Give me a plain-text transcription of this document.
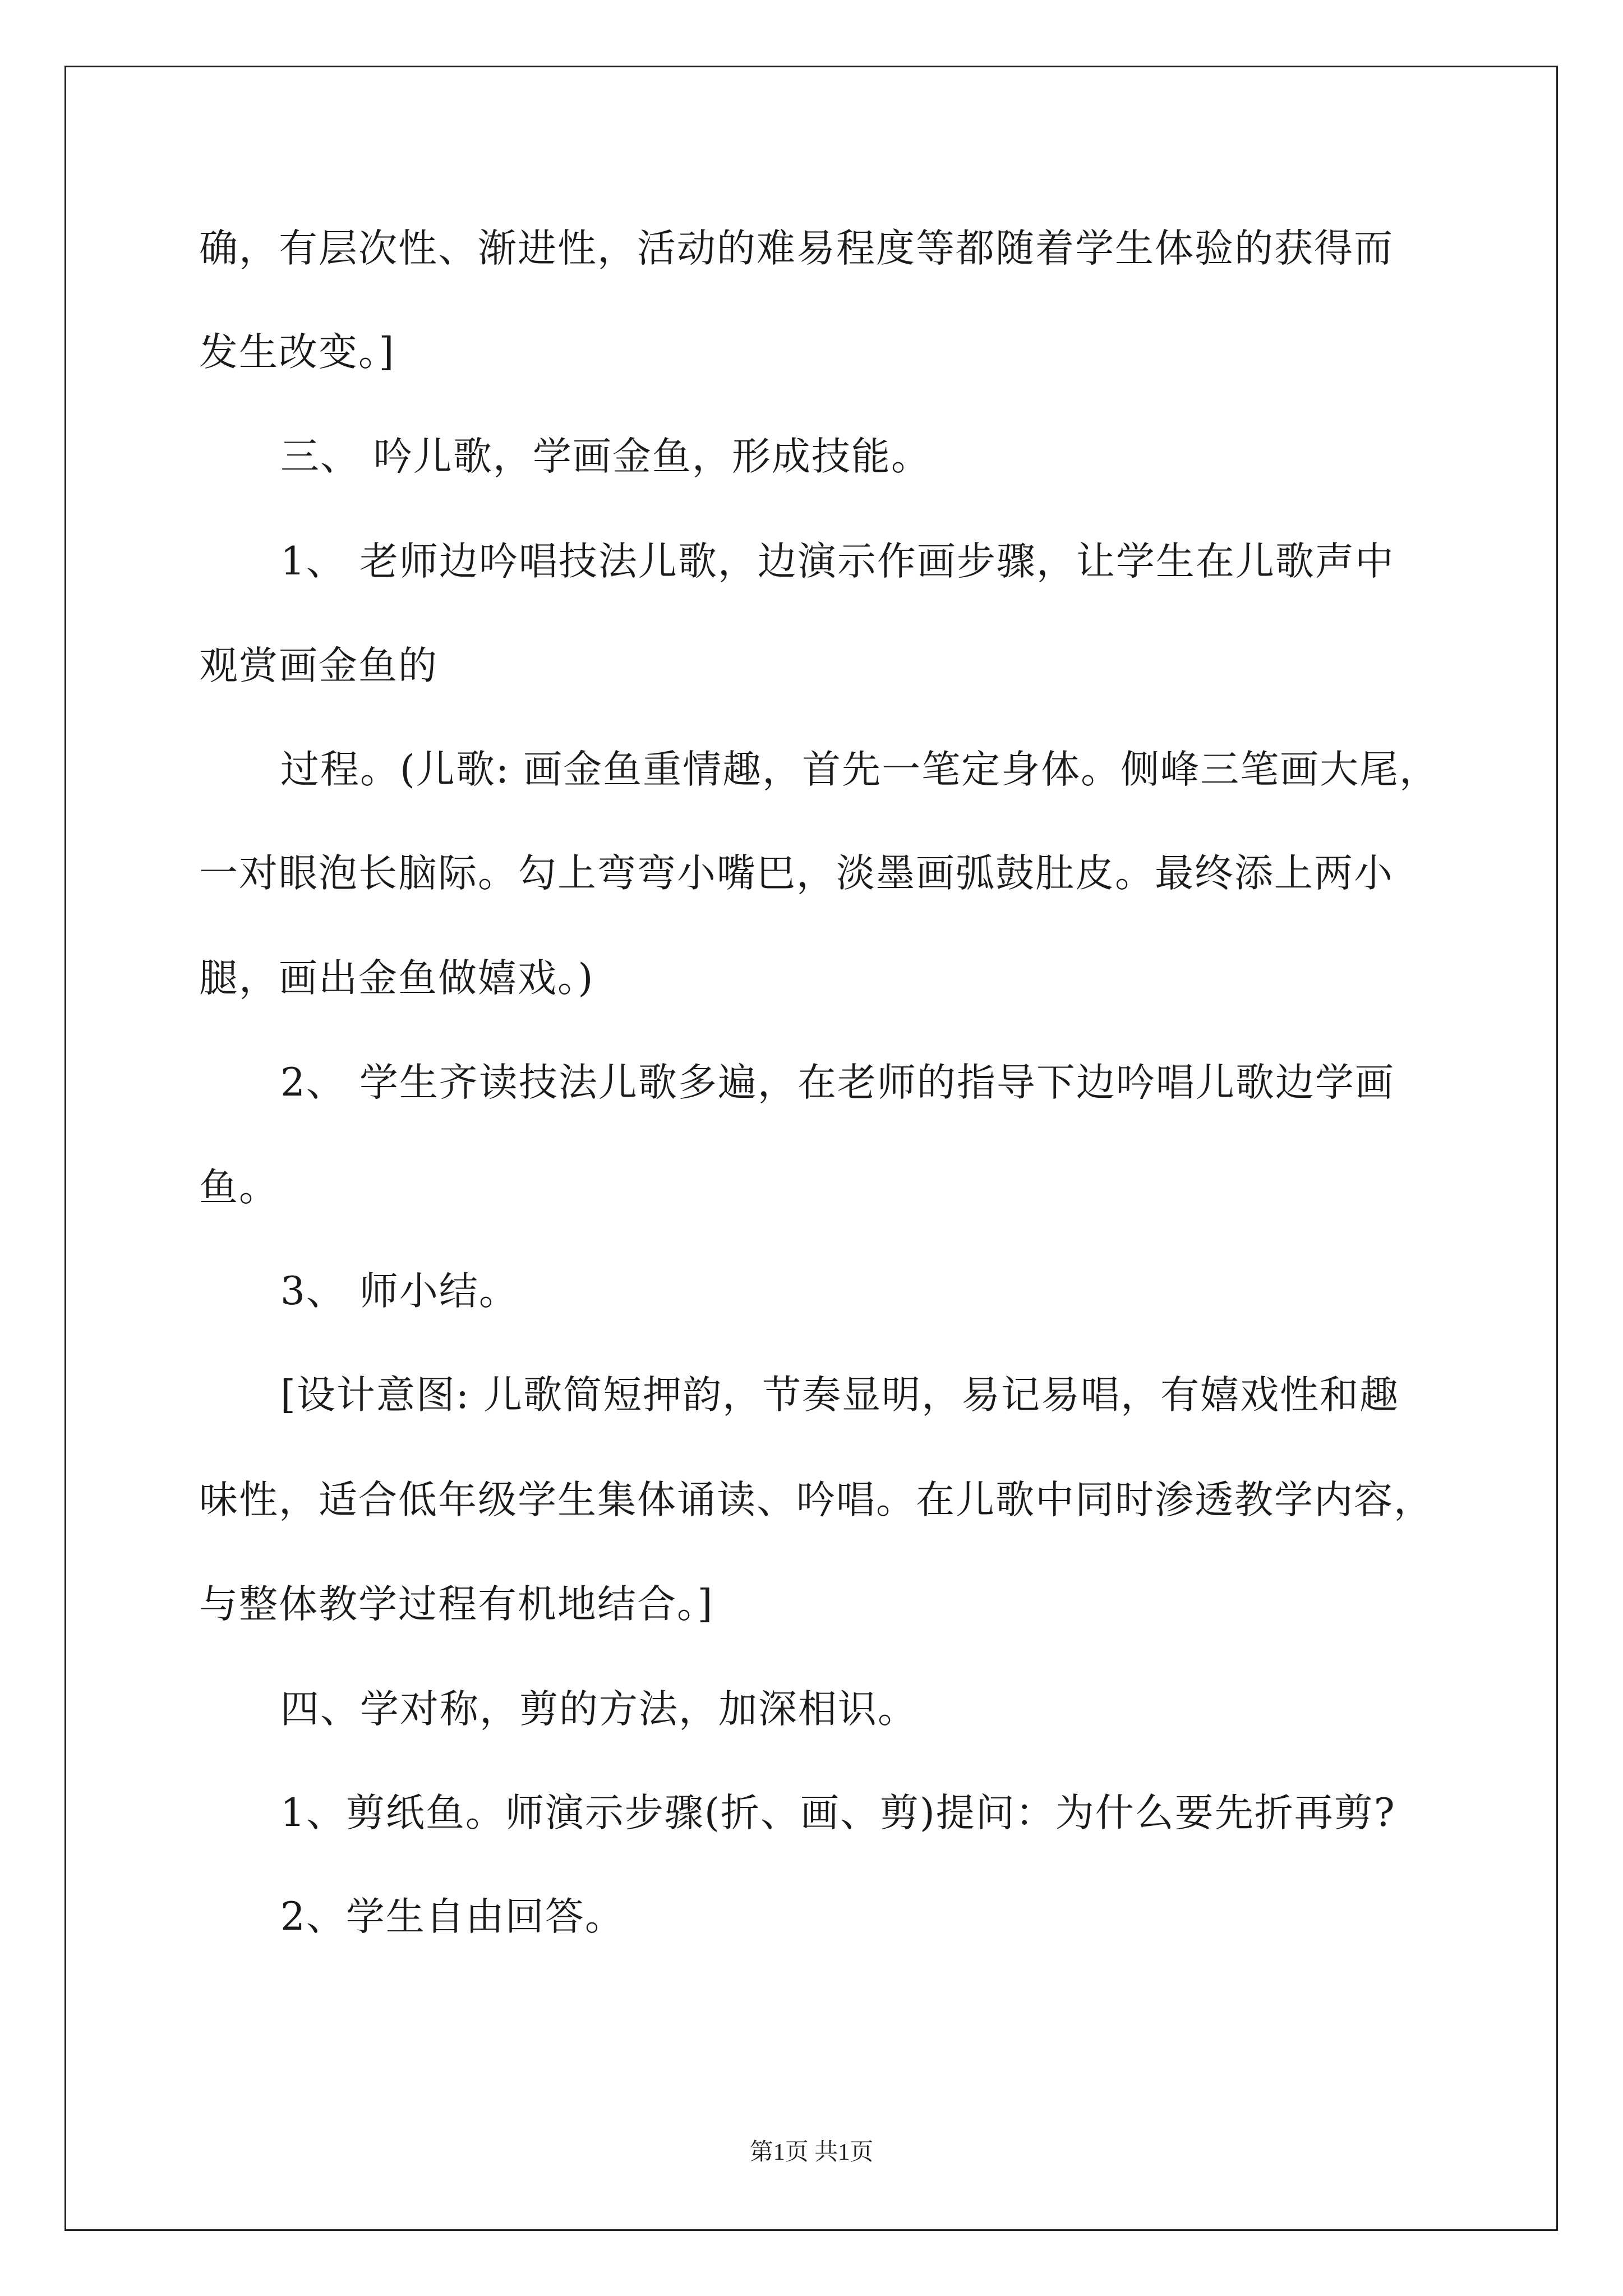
确，有层次性、渐进性，活动的难易程度等都随着学生体验的获得而
发生改变。]
三、 吟儿歌，学画金鱼，形成技能。
1、 老师边吟唱技法儿歌，边演示作画步骤，让学生在儿歌声中
观赏画金鱼的
过程。(儿歌: 画金鱼重情趣，首先一笔定身体。侧峰三笔画大尾，
一对眼泡长脑际。勾上弯弯小嘴巴，淡墨画弧鼓肚皮。最终添上两小
腿，画出金鱼做嬉戏。)
2、 学生齐读技法儿歌多遍，在老师的指导下边吟唱儿歌边学画
鱼。
3、 师小结。
[设计意图: 儿歌简短押韵，节奏显明，易记易唱，有嬉戏性和趣
味性，适合低年级学生集体诵读、吟唱。在儿歌中同时渗透教学内容，
与整体教学过程有机地结合。]
四、学对称，剪的方法，加深相识。
1、剪纸鱼。师演示步骤(折、画、剪)提问：为什么要先折再剪?
2、学生自由回答。
第1页 共1页
